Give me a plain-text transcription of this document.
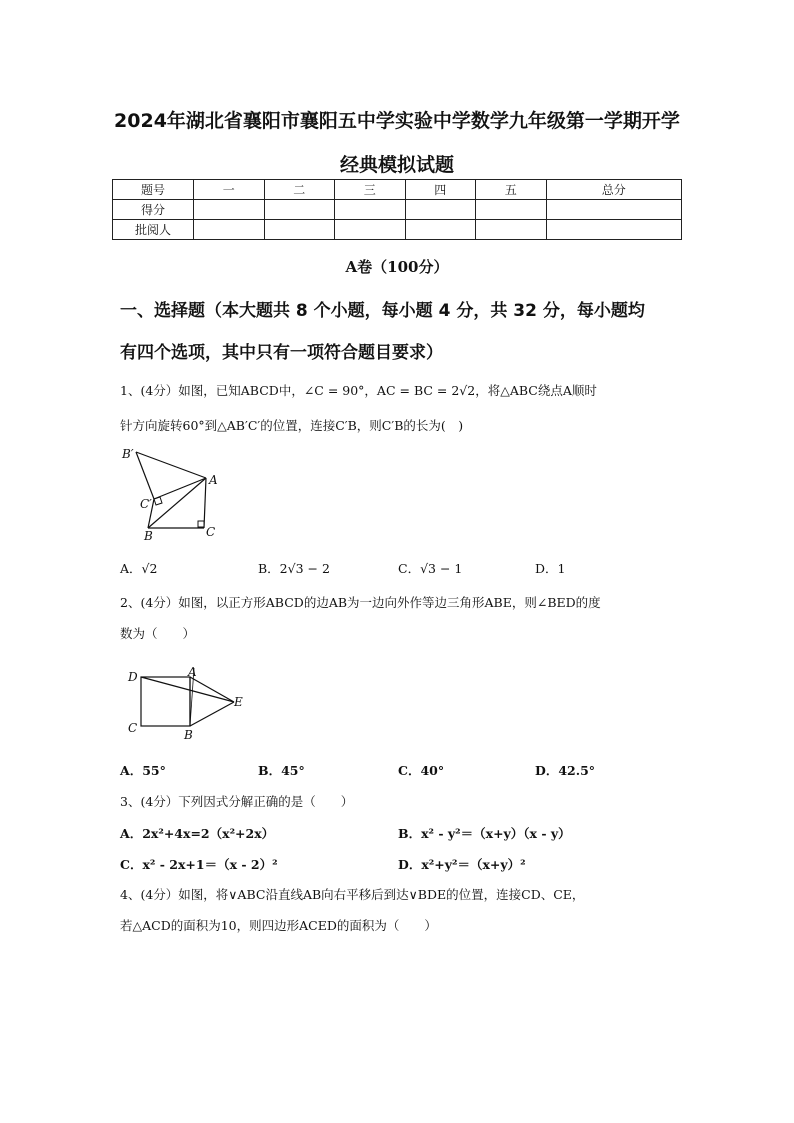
2024年湖北省襄阳市襄阳五中学实验中学数学九年级第一学期开学
经典模拟试题
题号	一	二	三	四	五	总分
得分						
批阅人						
A卷（100分）
一、选择题（本大题共 8 个小题，每小题 4 分，共 32 分，每小题均
有四个选项，其中只有一项符合题目要求）
1、(4分）如图，已知ABCD中，∠C = 90°，AC = BC = 2√2，将△ABC绕点A顺时
针方向旋转60°到△AB′C′的位置，连接C′B，则C′B的长为(　)
B′
A
C′
B	C
A．√2	B．2√3 − 2	C．√3 − 1	D．1
2、(4分）如图，以正方形ABCD的边AB为一边向外作等边三角形ABE，则∠BED的度
数为（　　）
D	A
E
C	B
A．55°	B．45°	C．40°	D．42.5°
3、(4分）下列因式分解正确的是（　　）
A．2x²+4x=2（x²+2x）	B．x² - y²＝（x+y）（x - y）
C．x² - 2x+1＝（x - 2）²	D．x²+y²＝（x+y）²
4、(4分）如图，将∨ABC沿直线AB向右平移后到达∨BDE的位置，连接CD、CE，
若△ACD的面积为10，则四边形ACED的面积为（　　）
